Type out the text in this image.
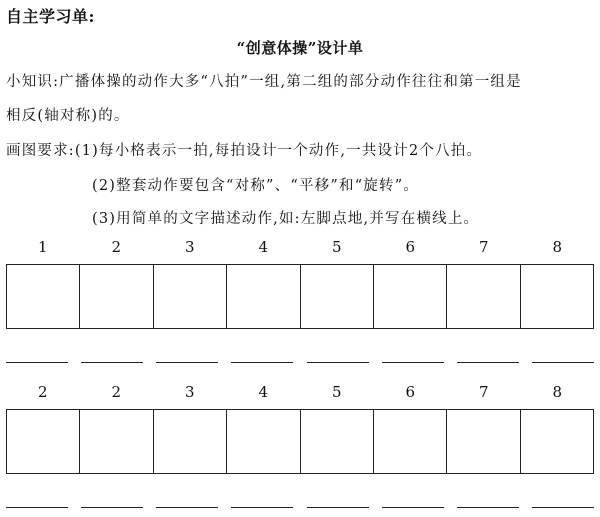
自主学习单:
“创意体操”设计单

小知识:广播体操的动作大多“八拍”一组,第二组的部分动作往往和第一组是

相反(轴对称)的。

画图要求:(1)每小格表示一拍,每拍设计一个动作,一共设计2个八拍。

(2)整套动作要包含“对称”、“平移”和“旋转”。

(3)用简单的文字描述动作,如:左脚点地,并写在横线上。

1	2	3	4	5	6	7	8
2	2	3	4	5	6	7	8
